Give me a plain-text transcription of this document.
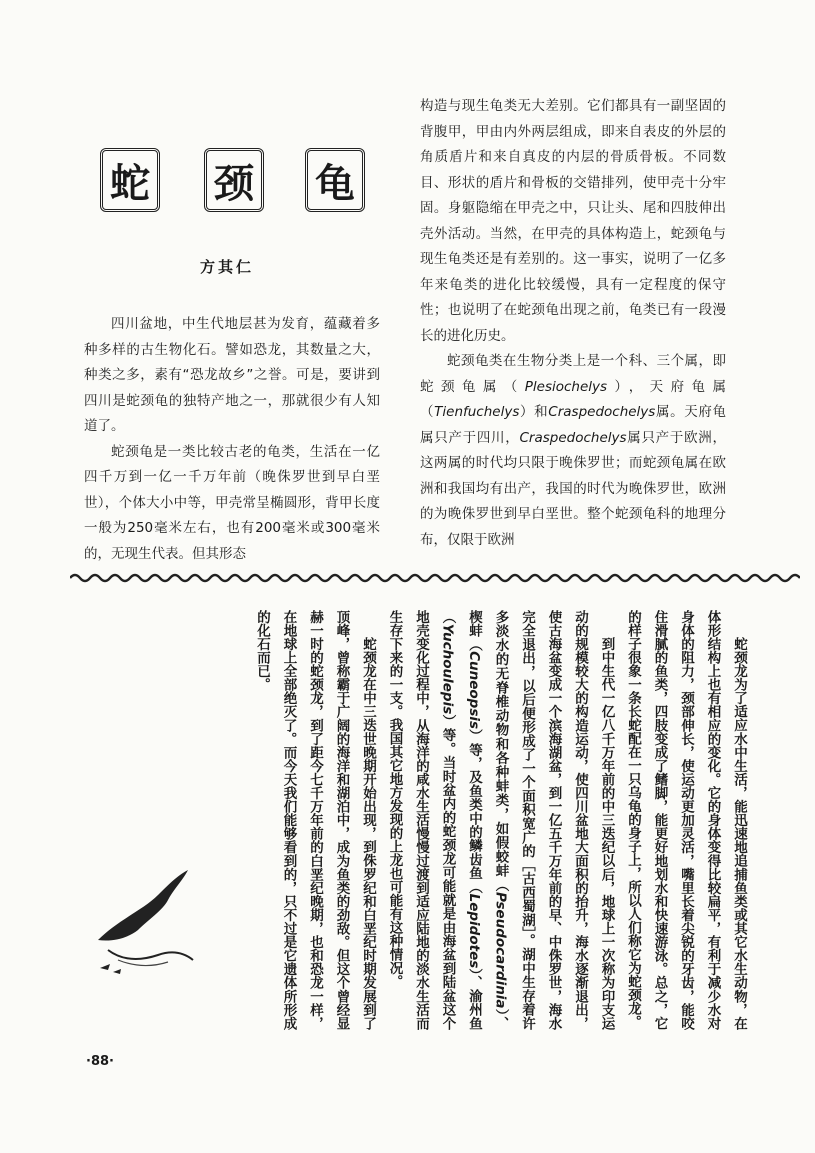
蛇 颈 龟
方其仁

四川盆地，中生代地层甚为发育，蕴藏着多种多样的古生物化石。譬如恐龙，其数量之大，种类之多，素有“恐龙故乡”之誉。可是，要讲到四川是蛇颈龟的独特产地之一，那就很少有人知道了。

蛇颈龟是一类比较古老的龟类，生活在一亿四千万到一亿一千万年前（晚侏罗世到早白垩世），个体大小中等，甲壳常呈椭圆形，背甲长度一般为250毫米左右，也有200毫米或300毫米的，无现生代表。但其形态

构造与现生龟类无大差别。它们都具有一副坚固的背腹甲，甲由内外两层组成，即来自表皮的外层的角质盾片和来自真皮的内层的骨质骨板。不同数目、形状的盾片和骨板的交错排列，使甲壳十分牢固。身躯隐缩在甲壳之中，只让头、尾和四肢伸出壳外活动。当然，在甲壳的具体构造上，蛇颈龟与现生龟类还是有差别的。这一事实，说明了一亿多年来龟类的进化比较缓慢，具有一定程度的保守性；也说明了在蛇颈龟出现之前，龟类已有一段漫长的进化历史。

蛇颈龟类在生物分类上是一个科、三个属，即蛇颈龟属（Plesiochelys），天府龟属（Tienfuchelys）和Craspedochelys属。天府龟属只产于四川，Craspedochelys属只产于欧洲，这两属的时代均只限于晚侏罗世；而蛇颈龟属在欧洲和我国均有出产，我国的时代为晚侏罗世，欧洲的为晚侏罗世到早白垩世。整个蛇颈龟科的地理分布，仅限于欧洲

蛇颈龙为了适应水中生活，能迅速地追捕鱼类或其它水生动物，在体形结构上也有相应的变化。它的身体变得比较扁平，有利于减少水对身体的阻力，颈部伸长，使运动更加灵活，嘴里长着尖锐的牙齿，能咬住滑腻的鱼类，四肢变成了鳍脚，能更好地划水和快速游泳。总之，它的样子很象一条长蛇配在一只乌龟的身子上，所以人们称它为蛇颈龙。

到中生代一亿八千万年前的中三迭纪以后，地球上一次称为印支运动的规模较大的构造运动，使四川盆地大面积的抬升，海水逐渐退出，使古海盆变成一个滨海湖盆，到一亿五千万年前的早、中侏罗世，海水完全退出，以后便形成了一个面积宽广的［古西蜀湖］。湖中生存着许多淡水的无脊椎动物和各种蚌类，如假蛟蚌（Pseudocardinia）、楔蚌（Cuneopsis）等，及鱼类中的鳞齿鱼（Lepidotes）、渝州鱼（Yuchoulepis）等。当时盆内的蛇颈龙可能就是由海盆到陆盆这个地壳变化过程中，从海洋的咸水生活慢慢过渡到适应陆地的淡水生活而生存下来的一支。我国其它地方发现的上龙也可能有这种情况。

蛇颈龙在中三迭世晚期开始出现，到侏罗纪和白垩纪时期发展到了顶峰，曾称霸于广阔的海洋和湖泊中，成为鱼类的劲敌。但这个曾经显赫一时的蛇颈龙，到了距今七千万年前的白垩纪晚期，也和恐龙一样，在地球上全部绝灭了。而今天我们能够看到的，只不过是它遗体所形成的化石而已。

·88·
